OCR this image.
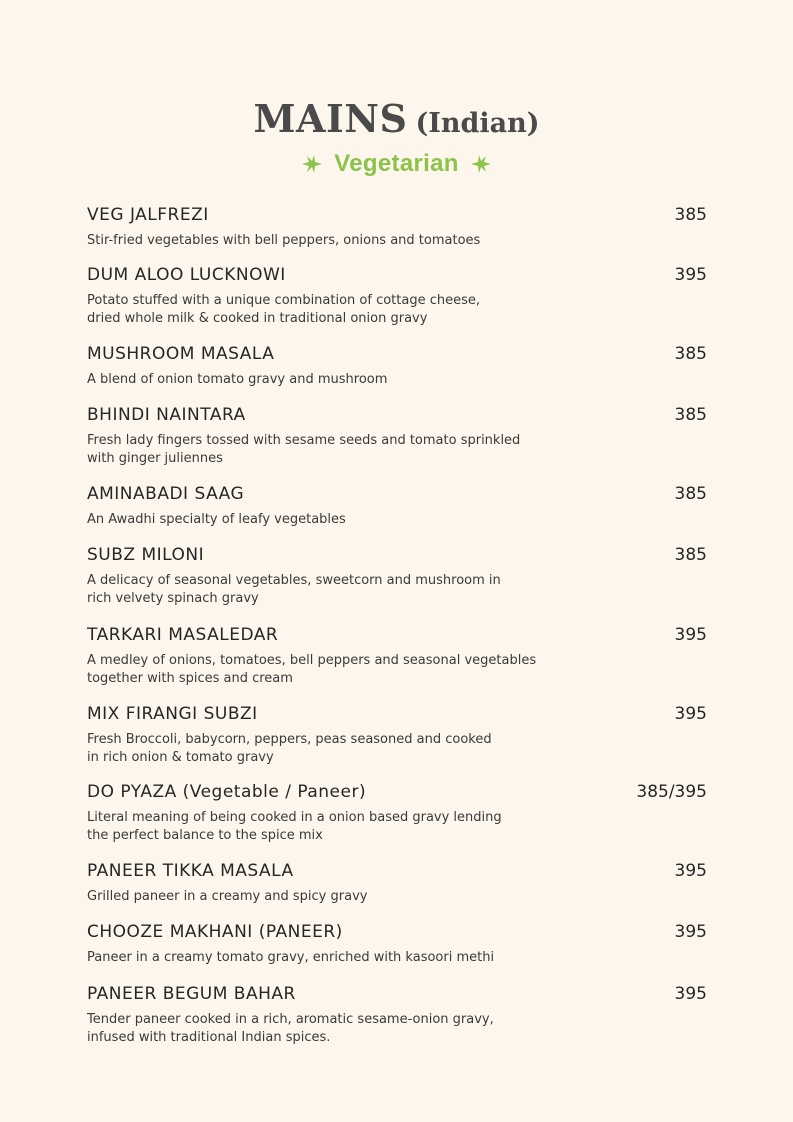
MAINS (Indian)
Vegetarian
VEG JALFREZI	385
Stir-fried vegetables with bell peppers, onions and tomatoes
DUM ALOO LUCKNOWI	395
Potato stuffed with a unique combination of cottage cheese,
dried whole milk & cooked in traditional onion gravy
MUSHROOM MASALA	385
A blend of onion tomato gravy and mushroom
BHINDI NAINTARA	385
Fresh lady fingers tossed with sesame seeds and tomato sprinkled
with ginger juliennes
AMINABADI SAAG	385
An Awadhi specialty of leafy vegetables
SUBZ MILONI	385
A delicacy of seasonal vegetables, sweetcorn and mushroom in
rich velvety spinach gravy
TARKARI MASALEDAR	395
A medley of onions, tomatoes, bell peppers and seasonal vegetables
together with spices and cream
MIX FIRANGI SUBZI	395
Fresh Broccoli, babycorn, peppers, peas seasoned and cooked
in rich onion & tomato gravy
DO PYAZA (Vegetable / Paneer)	385/395
Literal meaning of being cooked in a onion based gravy lending
the perfect balance to the spice mix
PANEER TIKKA MASALA	395
Grilled paneer in a creamy and spicy gravy
CHOOZE MAKHANI (PANEER)	395
Paneer in a creamy tomato gravy, enriched with kasoori methi
PANEER BEGUM BAHAR	395
Tender paneer cooked in a rich, aromatic sesame-onion gravy,
infused with traditional Indian spices.
